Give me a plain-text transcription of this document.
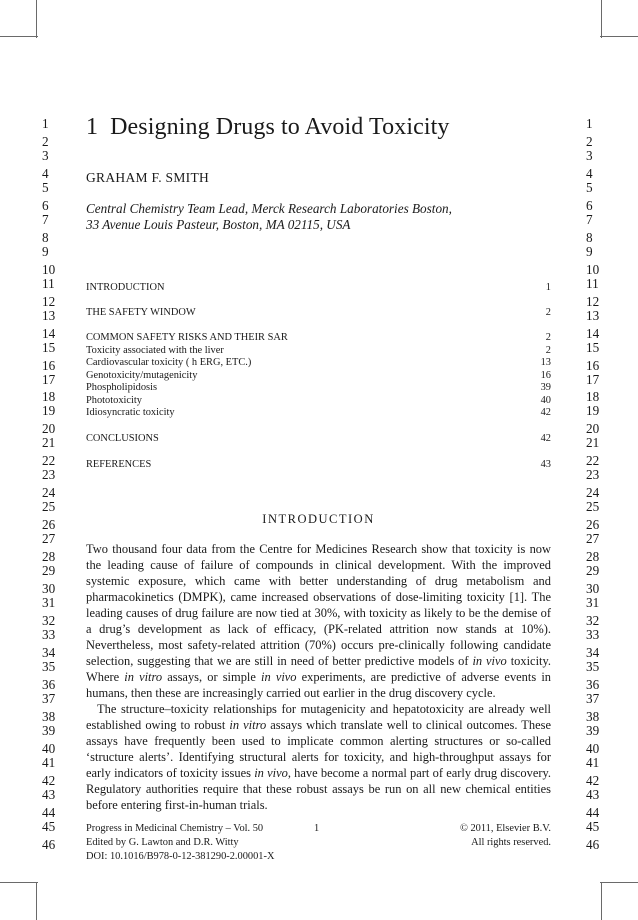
1
2
3
4
5
6
7
8
9
10
11
12
13
14
15
16
17
18
19
20
21
22
23
24
25
26
27
28
29
30
31
32
33
34
35
36
37
38
39
40
41
42
43
44
45
46
1
2
3
4
5
6
7
8
9
10
11
12
13
14
15
16
17
18
19
20
21
22
23
24
25
26
27
28
29
30
31
32
33
34
35
36
37
38
39
40
41
42
43
44
45
46
1 Designing Drugs to Avoid Toxicity
GRAHAM F. SMITH
Central Chemistry Team Lead, Merck Research Laboratories Boston,
33 Avenue Louis Pasteur, Boston, MA 02115, USA
INTRODUCTION	1
THE SAFETY WINDOW	2
COMMON SAFETY RISKS AND THEIR SAR	2
Toxicity associated with the liver	2
Cardiovascular toxicity ( h ERG, ETC.)	13
Genotoxicity/mutagenicity	16
Phospholipidosis	39
Phototoxicity	40
Idiosyncratic toxicity	42
CONCLUSIONS	42
REFERENCES	43
INTRODUCTION

Two thousand four data from the Centre for Medicines Research show that toxicity is now the leading cause of failure of compounds in clinical development. With the improved systemic exposure, which came with better understanding of drug metabolism and pharmacokinetics (DMPK), came increased observations of dose-limiting toxicity [1]. The leading causes of drug failure are now tied at 30%, with toxicity as likely to be the demise of a drug’s development as lack of efficacy, (PK-related attrition now stands at 10%). Nevertheless, most safety-related attrition (70%) occurs pre-clinically following candidate selection, suggesting that we are still in need of better predictive models of in vivo toxicity. Where in vitro assays, or simple in vivo experiments, are predictive of adverse events in humans, then these are increasingly carried out earlier in the drug discovery cycle.

The structure–toxicity relationships for mutagenicity and hepatotoxicity are already well established owing to robust in vitro assays which translate well to clinical outcomes. These assays have frequently been used to implicate common alerting structures or so-called ‘structure alerts’. Identifying structural alerts for toxicity, and high-throughput assays for early indicators of toxicity issues in vivo, have become a normal part of early drug discovery. Regulatory authorities require that these robust assays be run on all new chemical entities before entering first-in-human trials.

Progress in Medicinal Chemistry – Vol. 50
Edited by G. Lawton and D.R. Witty
DOI: 10.1016/B978-0-12-381290-2.00001-X
1	© 2011, Elsevier B.V.
All rights reserved.
